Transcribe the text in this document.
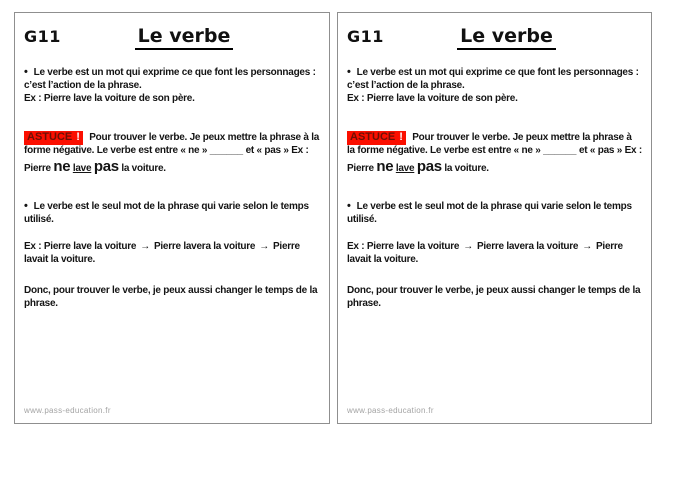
G11	Le verbe
• Le verbe est un mot qui exprime ce que font les personnages : c’est l’action de la phrase.
Ex : Pierre lave la voiture de son père.
ASTUCE ! Pour trouver le verbe. Je peux mettre la phrase à la forme négative. Le verbe est entre « ne » ______ et « pas » Ex :
Pierre ne lave pas la voiture.
• Le verbe est le seul mot de la phrase qui varie selon le temps utilisé.
Ex : Pierre lave la voiture → Pierre lavera la voiture → Pierre lavait la voiture.
Donc, pour trouver le verbe, je peux aussi changer le temps de la phrase.
www.pass-education.fr
G11	Le verbe
• Le verbe est un mot qui exprime ce que font les personnages : c’est l’action de la phrase.
Ex : Pierre lave la voiture de son père.
ASTUCE ! Pour trouver le verbe. Je peux mettre la phrase à la forme négative. Le verbe est entre « ne » ______ et « pas » Ex :
Pierre ne lave pas la voiture.
• Le verbe est le seul mot de la phrase qui varie selon le temps utilisé.
Ex : Pierre lave la voiture → Pierre lavera la voiture → Pierre lavait la voiture.
Donc, pour trouver le verbe, je peux aussi changer le temps de la phrase.
www.pass-education.fr
